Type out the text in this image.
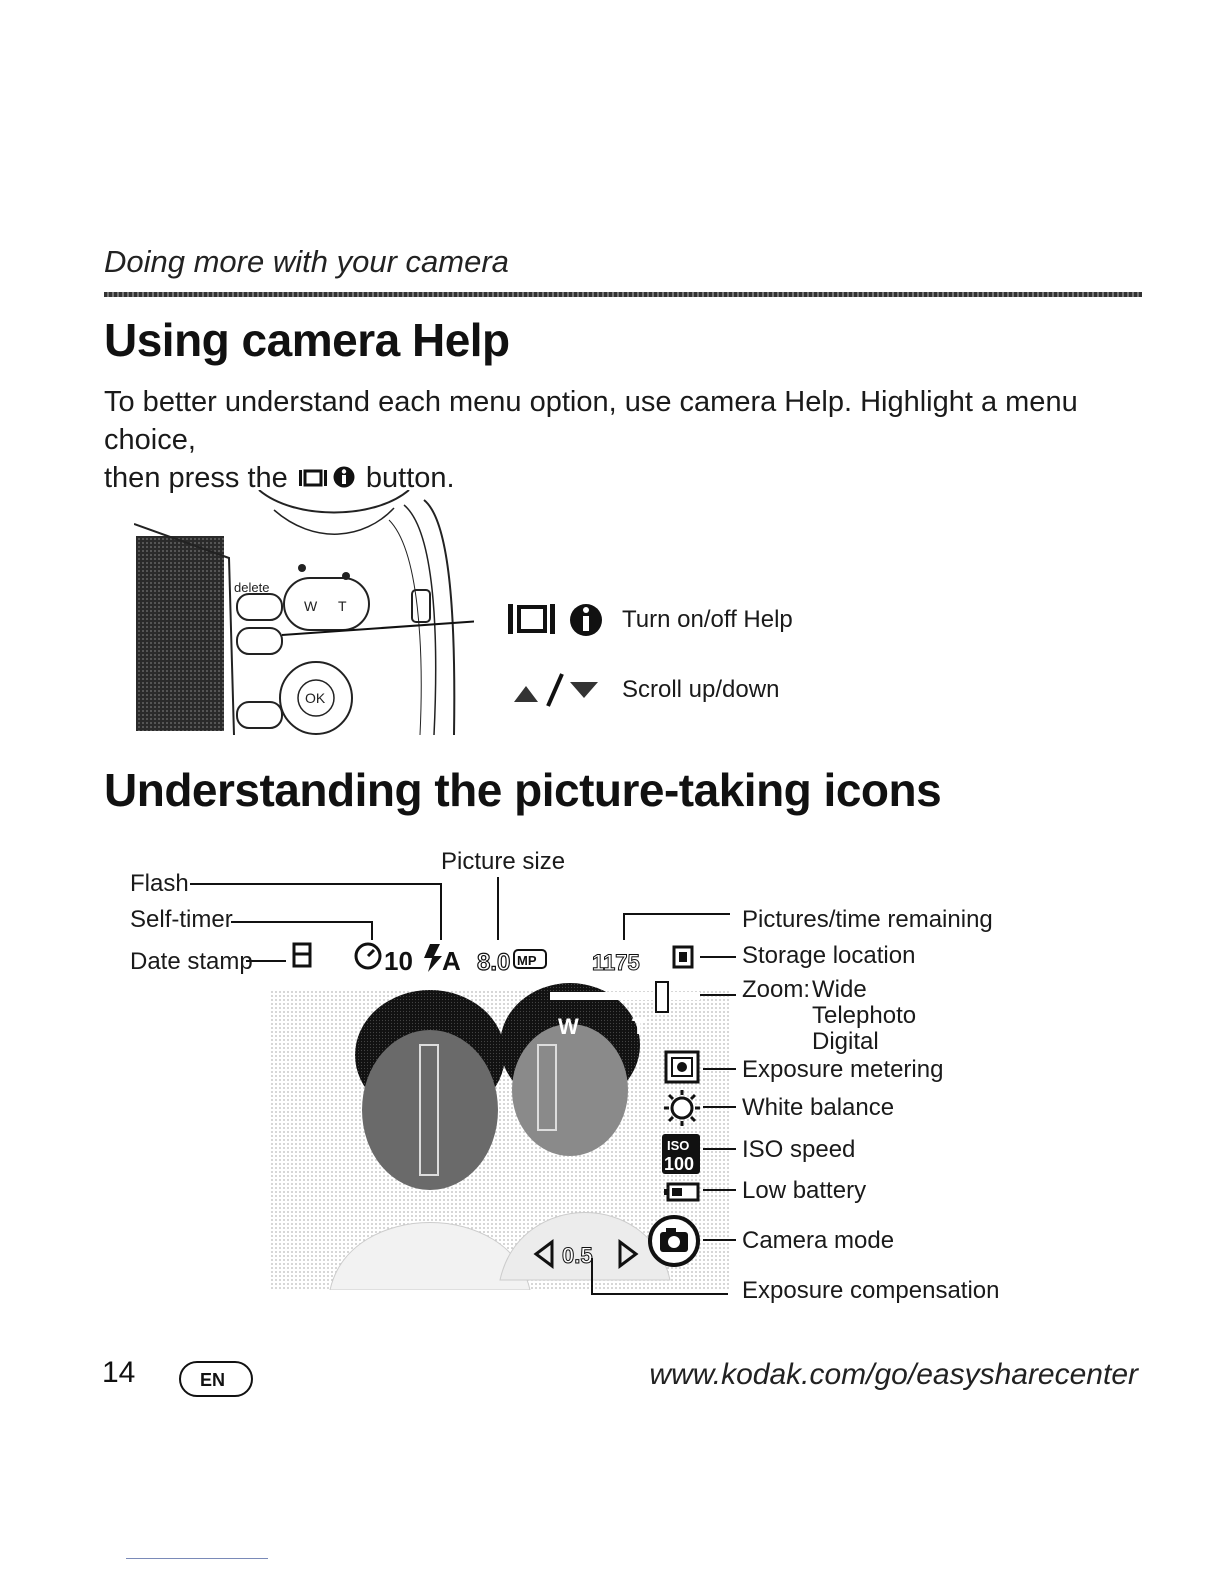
Doing more with your camera
Using camera Help
To better understand each menu option, use camera Help. Highlight a menu choice,
then press the	button.
W T
delete
OK
Turn on/off Help
Scroll up/down
Understanding the picture-taking icons
10 A 8.0 MP	1175
W T
ISO
100
0.5
Picture size
Flash
Self-timer
Date stamp
Pictures/time remaining
Storage location
Zoom: Wide
Telephoto
Digital
Exposure metering
White balance
ISO speed
Low battery
Camera mode
Exposure compensation
14	EN	www.kodak.com/go/easysharecenter
